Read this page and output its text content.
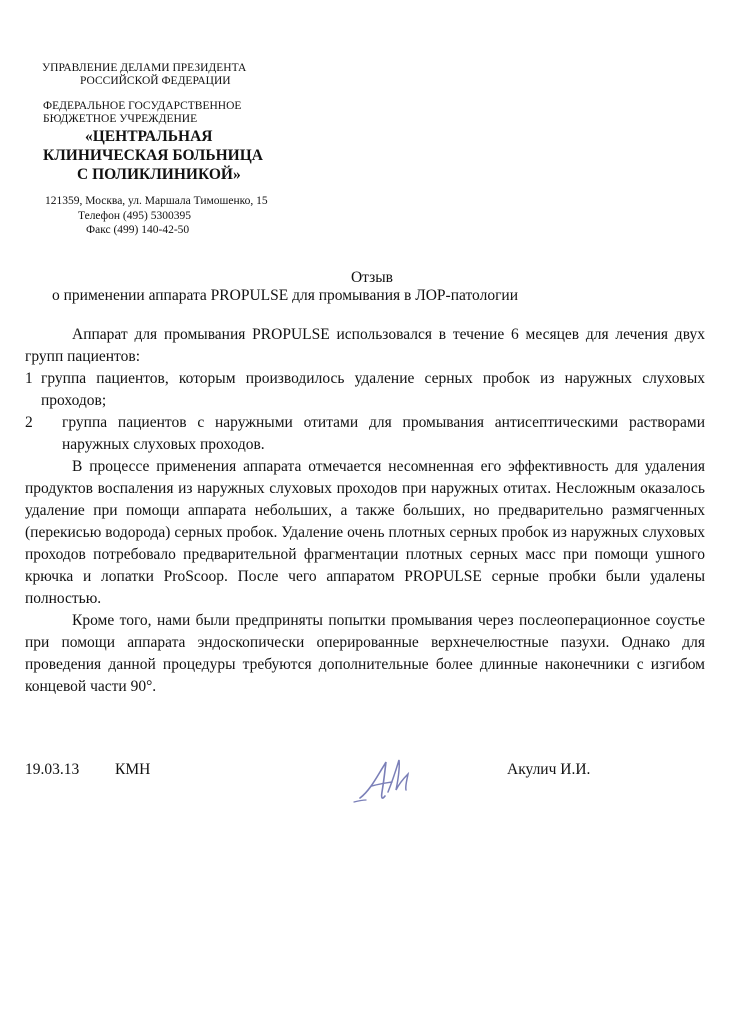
УПРАВЛЕНИЕ ДЕЛАМИ ПРЕЗИДЕНТА
РОССИЙСКОЙ ФЕДЕРАЦИИ
ФЕДЕРАЛЬНОЕ ГОСУДАРСТВЕННОЕ
БЮДЖЕТНОЕ УЧРЕЖДЕНИЕ
«ЦЕНТРАЛЬНАЯ
КЛИНИЧЕСКАЯ БОЛЬНИЦА
С ПОЛИКЛИНИКОЙ»
121359, Москва, ул. Маршала Тимошенко, 15
Телефон (495) 5300395
Факс (499) 140-42-50
Отзыв
о применении аппарата PROPULSE для промывания в ЛОР-патологии

Аппарат для промывания PROPULSE использовался в течение 6 месяцев для лечения двух групп пациентов:

1 группа пациентов, которым производилось удаление серных пробок из наружных слуховых проходов;
2	группа пациентов с наружными отитами для промывания антисептическими растворами наружных слуховых проходов.

В процессе применения аппарата отмечается несомненная его эффективность для удаления продуктов воспаления из наружных слуховых проходов при наружных отитах. Несложным оказалось удаление при помощи аппарата небольших, а также больших, но предварительно размягченных (перекисью водорода) серных пробок. Удаление очень плотных серных пробок из наружных слуховых проходов потребовало предварительной фрагментации плотных серных масс при помощи ушного крючка и лопатки ProScoop. После чего аппаратом PROPULSE серные пробки были удалены полностью.

Кроме того, нами были предприняты попытки промывания через послеоперационное соустье при помощи аппарата эндоскопически оперированные верхнечелюстные пазухи. Однако для проведения данной процедуры требуются дополнительные более длинные наконечники с изгибом концевой части 90°.

19.03.13 КМН	Акулич И.И.
